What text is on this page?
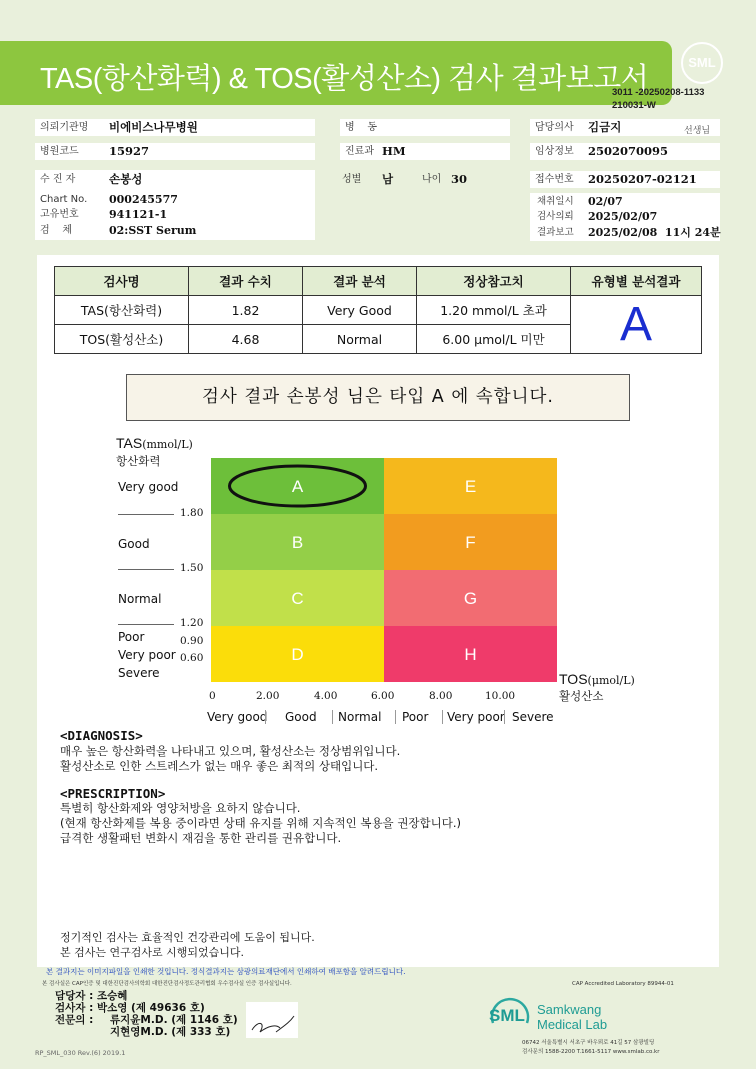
TAS(항산화력) & TOS(활성산소) 검사 결과보고서
SML
3011 -20250208-1133
210031-W
의뢰기관명	비에비스나무병원
병원코드	15927
수 진 자	손봉성
Chart No.	000245577
고유번호	941121-1
검    체	02:SST Serum
병    동
진료과 HM
성별	남	나이 30
담당의사	김금지	선생님
임상정보	2502070095
접수번호	20250207-02121
채취일시	02/07
검사의뢰	2025/02/07
결과보고	2025/02/08  11시 24분
검사명	결과 수치	결과 분석	정상참고치	유형별 분석결과
TAS(항산화력)	1.82	Very Good	1.20 mmol/L 초과	A
TOS(활성산소)	4.68	Normal	6.00 μmol/L 미만	
검사 결과 손봉성 님은 타입 A 에 속합니다.
TAS(mmol/L)
항산화력
A	E
B	F
C	G
D	H
Very good
Good
Normal
Poor
Very poor
Severe
1.80
1.50
1.20
0.90
0.60
0	2.00	4.00	6.00	8.00	10.00
Very good Good Normal Poor Very poor Severe
TOS(μmol/L)
활성산소
<DIAGNOSIS>
매우 높은 항산화력을 나타내고 있으며, 활성산소는 정상범위입니다.
활성산소로 인한 스트레스가 없는 매우 좋은 최적의 상태입니다.
<PRESCRIPTION>
특별히 항산화제와 영양처방을 요하지 않습니다.
(현재 항산화제를 복용 중이라면 상태 유지를 위해 지속적인 복용을 권장합니다.)
급격한 생활패턴 변화시 재검을 통한 관리를 권유합니다.
정기적인 검사는 효율적인 건강관리에 도움이 됩니다.
본 검사는 연구검사로 시행되었습니다.
본 결과지는 이미지파일을 인쇄한 것입니다. 정식결과지는 삼광의료재단에서 인쇄하여 배포함을 알려드립니다.
본 검사실은 CAP인증 및 대한진단검사의학회 대한진단검사정도관리협회 우수검사실 인증 검사실입니다.	CAP Accredited Laboratory 89944-01
담당자 : 조승혜
검사자 : 박소영 (제 49636 호)
전문의 : 류지윤M.D. (제 1146 호)
지현영M.D. (제 333 호)
SML Samkwang
Medical Lab
06742 서울특별시 서초구 바우뫼로 41길 57 삼광빌딩
검사문의 1588-2200 T.1661-5117 www.smlab.co.kr
RP_SML_030 Rev.(6) 2019.1
